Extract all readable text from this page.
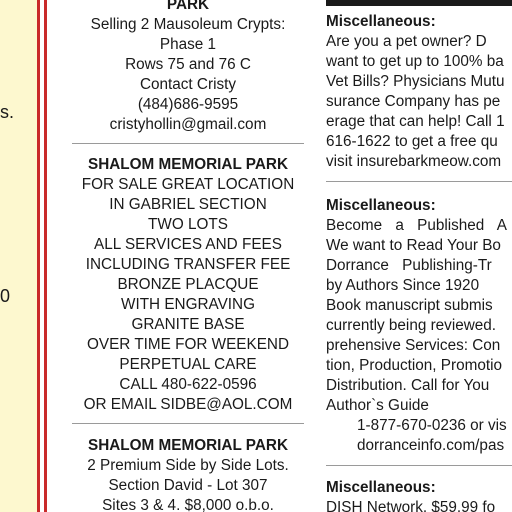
s.
0
PARK
Selling 2 Mausoleum Crypts:
Phase 1
Rows 75 and 76 C
Contact Cristy
(484)686-9595
cristyhollin@gmail.com
SHALOM MEMORIAL PARK
FOR SALE GREAT LOCATION
IN GABRIEL SECTION
TWO LOTS
ALL SERVICES AND FEES
INCLUDING TRANSFER FEE
BRONZE PLACQUE
WITH ENGRAVING
GRANITE BASE
OVER TIME FOR WEEKEND
PERPETUAL CARE
CALL 480-622-0596
OR EMAIL SIDBE@AOL.COM
SHALOM MEMORIAL PARK
2 Premium Side by Side Lots.
Section David - Lot 307
Sites 3 & 4. $8,000 o.b.o.
Miscellaneous:
Are you a pet owner? D
want to get up to 100% ba
Vet Bills? Physicians Mutu
surance Company has pe
erage that can help! Call 1
616-1622 to get a free qu
visit insurebarkmeow.com
Miscellaneous:
Become a Published A
We want to Read Your Bo
Dorrance Publishing-Tr
by Authors Since 1920
Book manuscript submis
currently being reviewed.
prehensive Services: Con
tion, Production, Promotio
Distribution. Call for You
Author`s Guide
1-877-670-0236 or vis
dorranceinfo.com/pas
Miscellaneous:
DISH Network. $59.99 fo
